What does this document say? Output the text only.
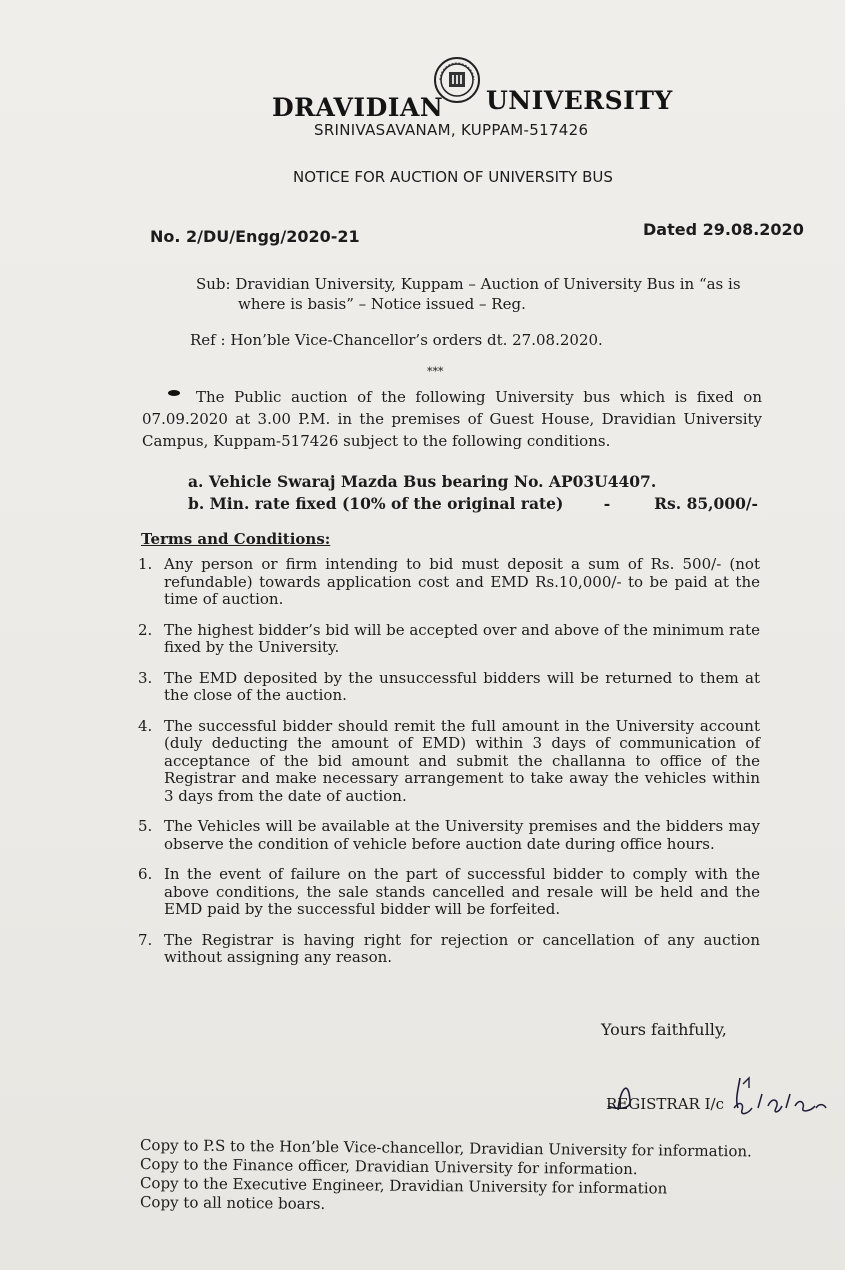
DRAVIDIAN UNIVERSITY
SRINIVASAVANAM, KUPPAM-517426
NOTICE FOR AUCTION OF UNIVERSITY BUS
No. 2/DU/Engg/2020-21	Dated 29.08.2020
Sub: Dravidian University, Kuppam – Auction of University Bus in “as is
where is basis” – Notice issued – Reg.
Ref : Hon’ble Vice-Chancellor’s orders dt. 27.08.2020.
***
The Public auction of the following University bus which is fixed on 07.09.2020 at 3.00 P.M. in the premises of Guest House, Dravidian University Campus, Kuppam-517426 subject to the following conditions.
a. Vehicle Swaraj Mazda Bus bearing No. AP03U4407.
b. Min. rate fixed (10% of the original rate)	-	Rs. 85,000/-
Terms and Conditions:
1. Any person or firm intending to bid must deposit a sum of Rs. 500/- (not refundable) towards application cost and EMD Rs.10,000/- to be paid at the time of auction.
2. The highest bidder’s bid will be accepted over and above of the minimum rate fixed by the University.
3. The EMD deposited by the unsuccessful bidders will be returned to them at the close of the auction.
4. The successful bidder should remit the full amount in the University account (duly deducting the amount of EMD) within 3 days of communication of acceptance of the bid amount and submit the challanna to office of the Registrar and make necessary arrangement to take away the vehicles within 3 days from the date of auction.
5. The Vehicles will be available at the University premises and the bidders may observe the condition of vehicle before auction date during office hours.
6. In the event of failure on the part of successful bidder to comply with the above conditions, the sale stands cancelled and resale will be held and the EMD paid by the successful bidder will be forfeited.
7. The Registrar is having right for rejection or cancellation of any auction without assigning any reason.
Yours faithfully,
REGISTRAR I/c
Copy to P.S to the Hon’ble Vice-chancellor, Dravidian University for information.
Copy to the Finance officer, Dravidian University for information.
Copy to the Executive Engineer, Dravidian University for information
Copy to all notice boars.
